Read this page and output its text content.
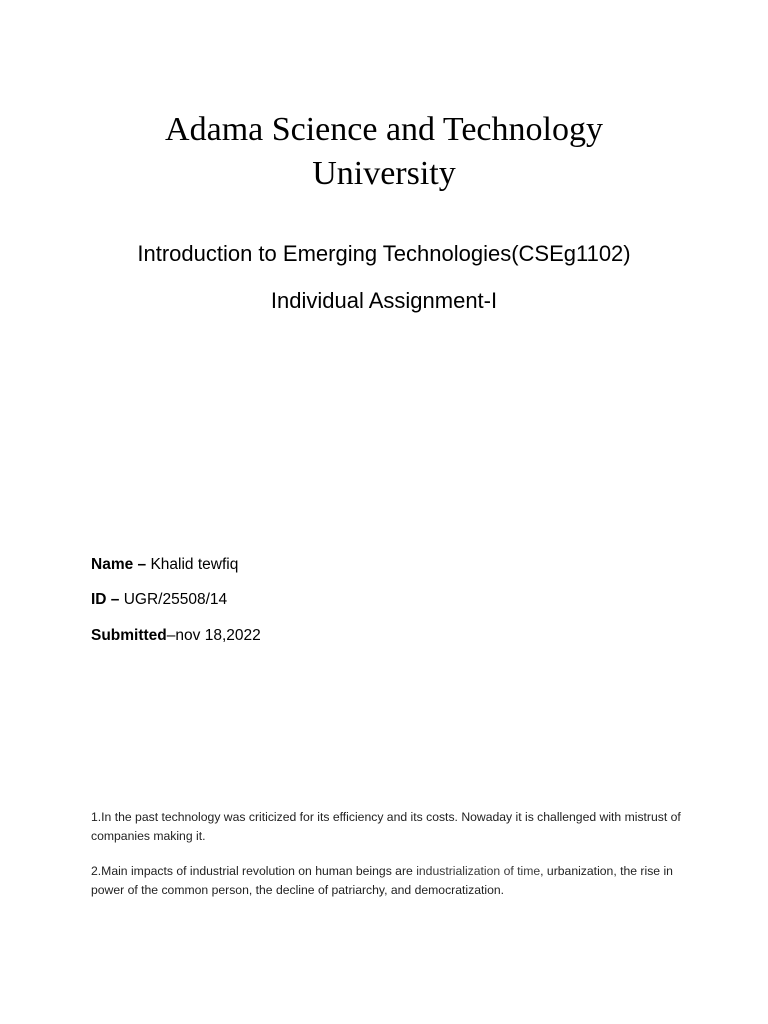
Adama Science and Technology
University
Introduction to Emerging Technologies(CSEg1102)
Individual Assignment-I
Name – Khalid tewfiq
ID – UGR/25508/14
Submitted–nov 18,2022

1.In the past technology was criticized for its efficiency and its costs. Nowaday it is challenged with mistrust of companies making it.

2.Main impacts of industrial revolution on human beings are industrialization of time, urbanization, the rise in power of the common person, the decline of patriarchy, and democratization.
